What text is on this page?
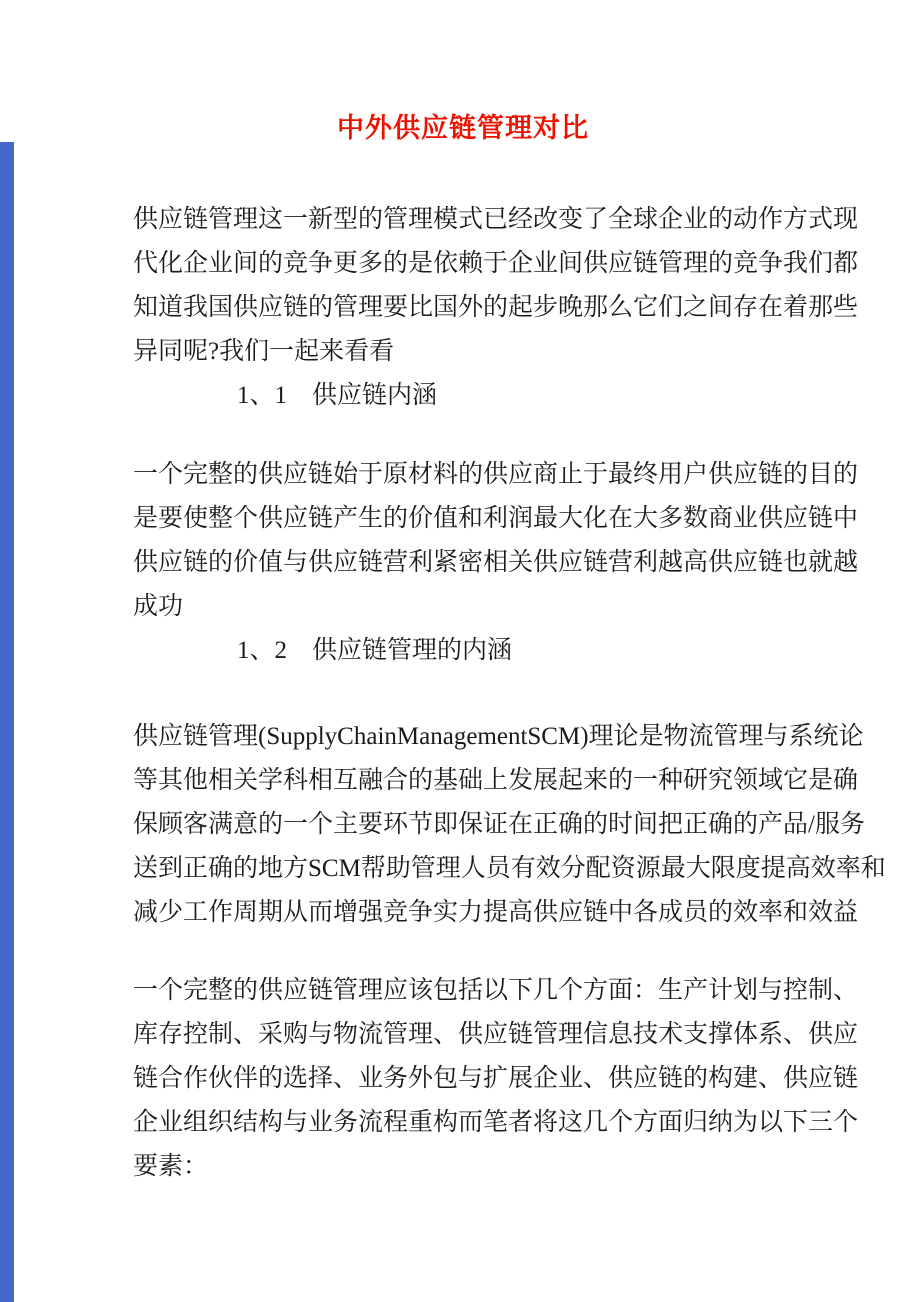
中外供应链管理对比
供应链管理这一新型的管理模式已经改变了全球企业的动作方式现
代化企业间的竞争更多的是依赖于企业间供应链管理的竞争我们都
知道我国供应链的管理要比国外的起步晚那么它们之间存在着那些
异同呢?我们一起来看看
1、1　供应链内涵
一个完整的供应链始于原材料的供应商止于最终用户供应链的目的
是要使整个供应链产生的价值和利润最大化在大多数商业供应链中
供应链的价值与供应链营利紧密相关供应链营利越高供应链也就越
成功
1、2　供应链管理的内涵
供应链管理(SupplyChainManagementSCM)理论是物流管理与系统论
等其他相关学科相互融合的基础上发展起来的一种研究领域它是确
保顾客满意的一个主要环节即保证在正确的时间把正确的产品/服务
送到正确的地方SCM帮助管理人员有效分配资源最大限度提高效率和
减少工作周期从而增强竞争实力提高供应链中各成员的效率和效益
一个完整的供应链管理应该包括以下几个方面：生产计划与控制、
库存控制、采购与物流管理、供应链管理信息技术支撑体系、供应
链合作伙伴的选择、业务外包与扩展企业、供应链的构建、供应链
企业组织结构与业务流程重构而笔者将这几个方面归纳为以下三个
要素：
